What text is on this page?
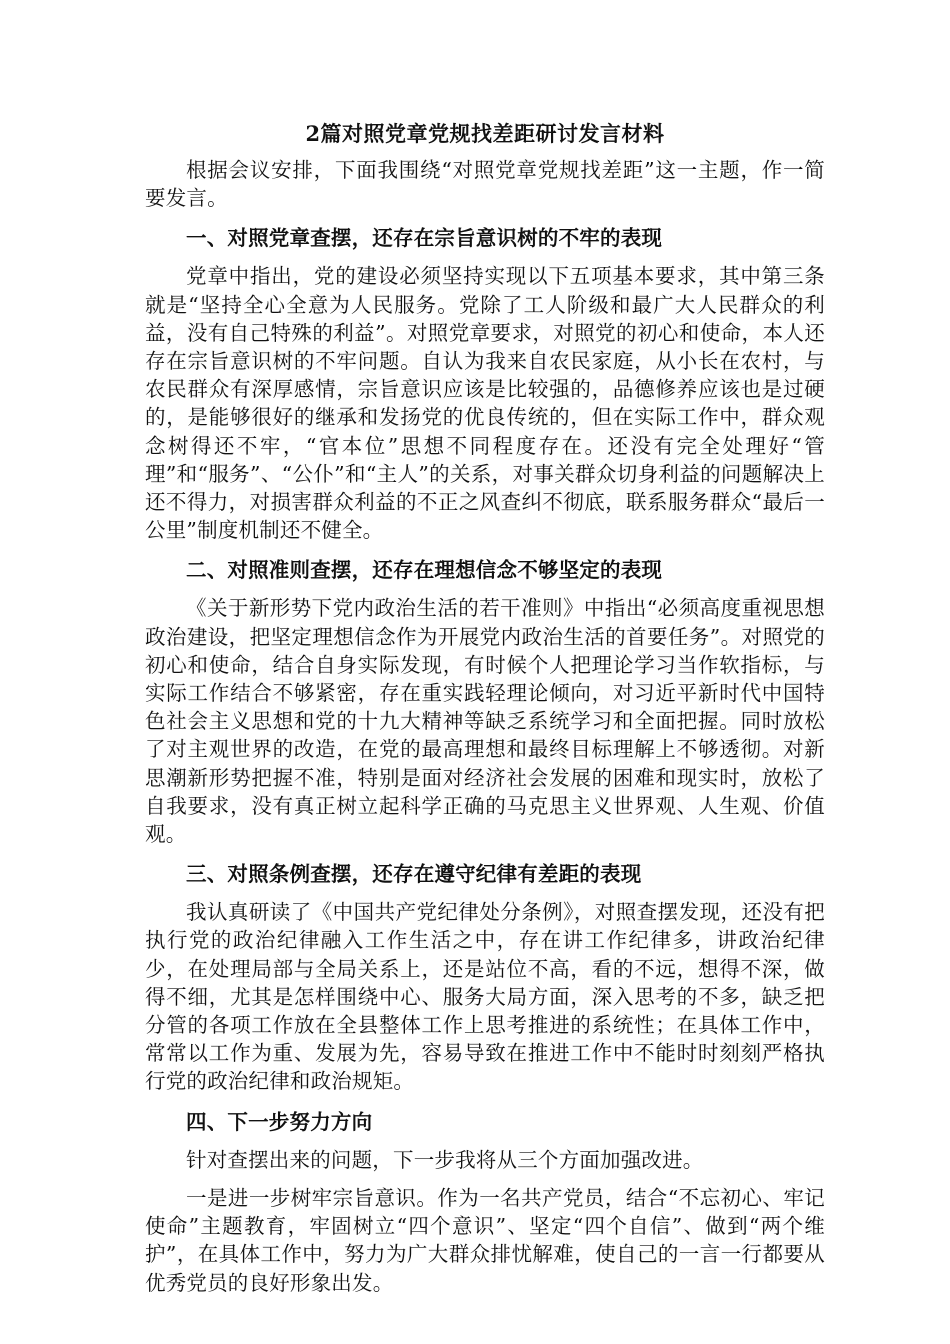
2篇对照党章党规找差距研讨发言材料

根据会议安排，下面我围绕“对照党章党规找差距”这一主题，作一简要发言。

一、对照党章查摆，还存在宗旨意识树的不牢的表现

党章中指出，党的建设必须坚持实现以下五项基本要求，其中第三条就是“坚持全心全意为人民服务。党除了工人阶级和最广大人民群众的利益，没有自己特殊的利益”。对照党章要求，对照党的初心和使命，本人还存在宗旨意识树的不牢问题。自认为我来自农民家庭，从小长在农村，与农民群众有深厚感情，宗旨意识应该是比较强的，品德修养应该也是过硬的，是能够很好的继承和发扬党的优良传统的，但在实际工作中，群众观念树得还不牢，“官本位”思想不同程度存在。还没有完全处理好“管理”和“服务”、“公仆”和“主人”的关系，对事关群众切身利益的问题解决上还不得力，对损害群众利益的不正之风查纠不彻底，联系服务群众“最后一公里”制度机制还不健全。

二、对照准则查摆，还存在理想信念不够坚定的表现

《关于新形势下党内政治生活的若干准则》中指出“必须高度重视思想政治建设，把坚定理想信念作为开展党内政治生活的首要任务”。对照党的初心和使命，结合自身实际发现，有时候个人把理论学习当作软指标，与实际工作结合不够紧密，存在重实践轻理论倾向，对习近平新时代中国特色社会主义思想和党的十九大精神等缺乏系统学习和全面把握。同时放松了对主观世界的改造，在党的最高理想和最终目标理解上不够透彻。对新思潮新形势把握不准，特别是面对经济社会发展的困难和现实时，放松了自我要求，没有真正树立起科学正确的马克思主义世界观、人生观、价值观。

三、对照条例查摆，还存在遵守纪律有差距的表现

我认真研读了《中国共产党纪律处分条例》，对照查摆发现，还没有把执行党的政治纪律融入工作生活之中，存在讲工作纪律多，讲政治纪律少，在处理局部与全局关系上，还是站位不高，看的不远，想得不深，做得不细，尤其是怎样围绕中心、服务大局方面，深入思考的不多，缺乏把分管的各项工作放在全县整体工作上思考推进的系统性；在具体工作中，常常以工作为重、发展为先，容易导致在推进工作中不能时时刻刻严格执行党的政治纪律和政治规矩。

四、下一步努力方向

针对查摆出来的问题，下一步我将从三个方面加强改进。

一是进一步树牢宗旨意识。作为一名共产党员，结合“不忘初心、牢记使命”主题教育，牢固树立“四个意识”、坚定“四个自信”、做到“两个维护”，在具体工作中，努力为广大群众排忧解难，使自己的一言一行都要从优秀党员的良好形象出发。
